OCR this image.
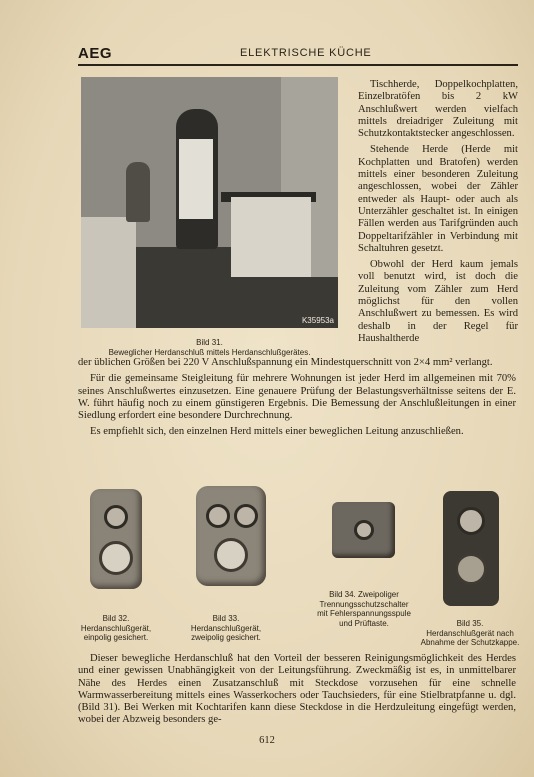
AEG	ELEKTRISCHE KÜCHE
K35953a
Bild 31.
Beweglicher Herdanschluß mittels Herdanschlußgerätes.

Tischherde, Doppelkochplatten, Einzelbratöfen bis 2 kW Anschlußwert werden vielfach mittels dreiadriger Zuleitung mit Schutzkontaktstecker angeschlossen.

Stehende Herde (Herde mit Kochplatten und Bratofen) werden mittels einer besonderen Zuleitung angeschlossen, wobei der Zähler entweder als Haupt- oder auch als Unterzähler geschaltet ist. In einigen Fällen werden aus Tarifgründen auch Doppeltarifzähler in Verbindung mit Schaltuhren gesetzt.

Obwohl der Herd kaum jemals voll benutzt wird, ist doch die Zuleitung vom Zähler zum Herd möglichst für den vollen Anschlußwert zu bemessen. Es wird deshalb in der Regel für Haushaltherde

der üblichen Größen bei 220 V Anschlußspannung ein Mindestquerschnitt von 2×4 mm² verlangt.

Für die gemeinsame Steigleitung für mehrere Wohnungen ist jeder Herd im allgemeinen mit 70% seines Anschlußwertes einzusetzen. Eine genauere Prüfung der Belastungsverhältnisse seitens der E. W. führt häufig noch zu einem günstigeren Ergebnis. Die Bemessung der Anschlußleitungen in einer Siedlung erfordert eine besondere Durchrechnung.

Es empfiehlt sich, den einzelnen Herd mittels einer beweglichen Leitung anzuschließen.

Bild 32.
Herdanschlußgerät, einpolig gesichert.
Bild 33.
Herdanschlußgerät, zweipolig gesichert.
Bild 34. Zweipoliger
Trennungsschutzschalter mit Fehlerspannungsspule und Prüftaste.	Bild 35.
Herdanschlußgerät nach Abnahme der Schutzkappe.

Dieser bewegliche Herdanschluß hat den Vorteil der besseren Reinigungsmöglichkeit des Herdes und einer gewissen Unabhängigkeit von der Leitungsführung. Zweckmäßig ist es, in unmittelbarer Nähe des Herdes einen Zusatzanschluß mit Steckdose vorzusehen für eine schnelle Warmwasserbereitung mittels eines Wasserkochers oder Tauchsieders, für eine Stielbratpfanne u. dgl. (Bild 31). Bei Werken mit Kochtarifen kann diese Steckdose in die Herdzuleitung eingefügt werden, wobei der Abzweig besonders ge-

612
